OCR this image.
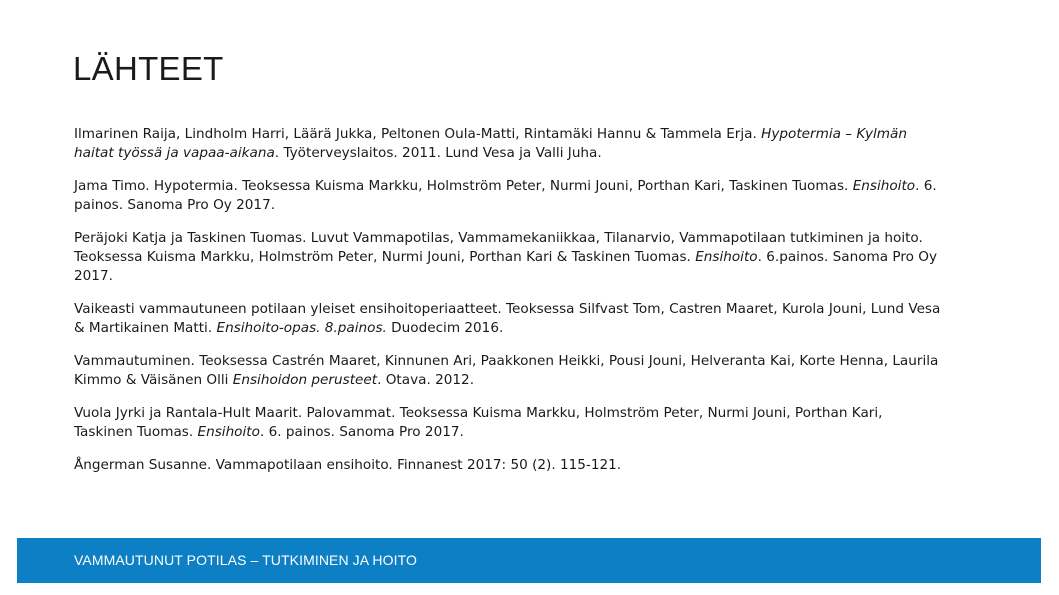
LÄHTEET

Ilmarinen Raija, Lindholm Harri, Läärä Jukka, Peltonen Oula-Matti, Rintamäki Hannu & Tammela Erja. Hypotermia – Kylmän haitat työssä ja vapaa-aikana. Työterveyslaitos. 2011. Lund Vesa ja Valli Juha.

Jama Timo. Hypotermia. Teoksessa Kuisma Markku, Holmström Peter, Nurmi Jouni, Porthan Kari, Taskinen Tuomas. Ensihoito. 6. painos. Sanoma Pro Oy 2017.

Peräjoki Katja ja Taskinen Tuomas. Luvut Vammapotilas, Vammamekaniikkaa, Tilanarvio, Vammapotilaan tutkiminen ja hoito. Teoksessa Kuisma Markku, Holmström Peter, Nurmi Jouni, Porthan Kari & Taskinen Tuomas. Ensihoito. 6.painos. Sanoma Pro Oy 2017.

Vaikeasti vammautuneen potilaan yleiset ensihoitoperiaatteet. Teoksessa Silfvast Tom, Castren Maaret, Kurola Jouni, Lund Vesa & Martikainen Matti. Ensihoito-opas. 8.painos. Duodecim 2016.

Vammautuminen. Teoksessa Castrén Maaret, Kinnunen Ari, Paakkonen Heikki, Pousi Jouni, Helveranta Kai, Korte Henna, Laurila Kimmo & Väisänen Olli Ensihoidon perusteet. Otava. 2012.

Vuola Jyrki ja Rantala-Hult Maarit. Palovammat. Teoksessa Kuisma Markku, Holmström Peter, Nurmi Jouni, Porthan Kari, Taskinen Tuomas. Ensihoito. 6. painos. Sanoma Pro 2017.

Ångerman Susanne. Vammapotilaan ensihoito. Finnanest 2017: 50 (2). 115-121.

VAMMAUTUNUT POTILAS – TUTKIMINEN JA HOITO
